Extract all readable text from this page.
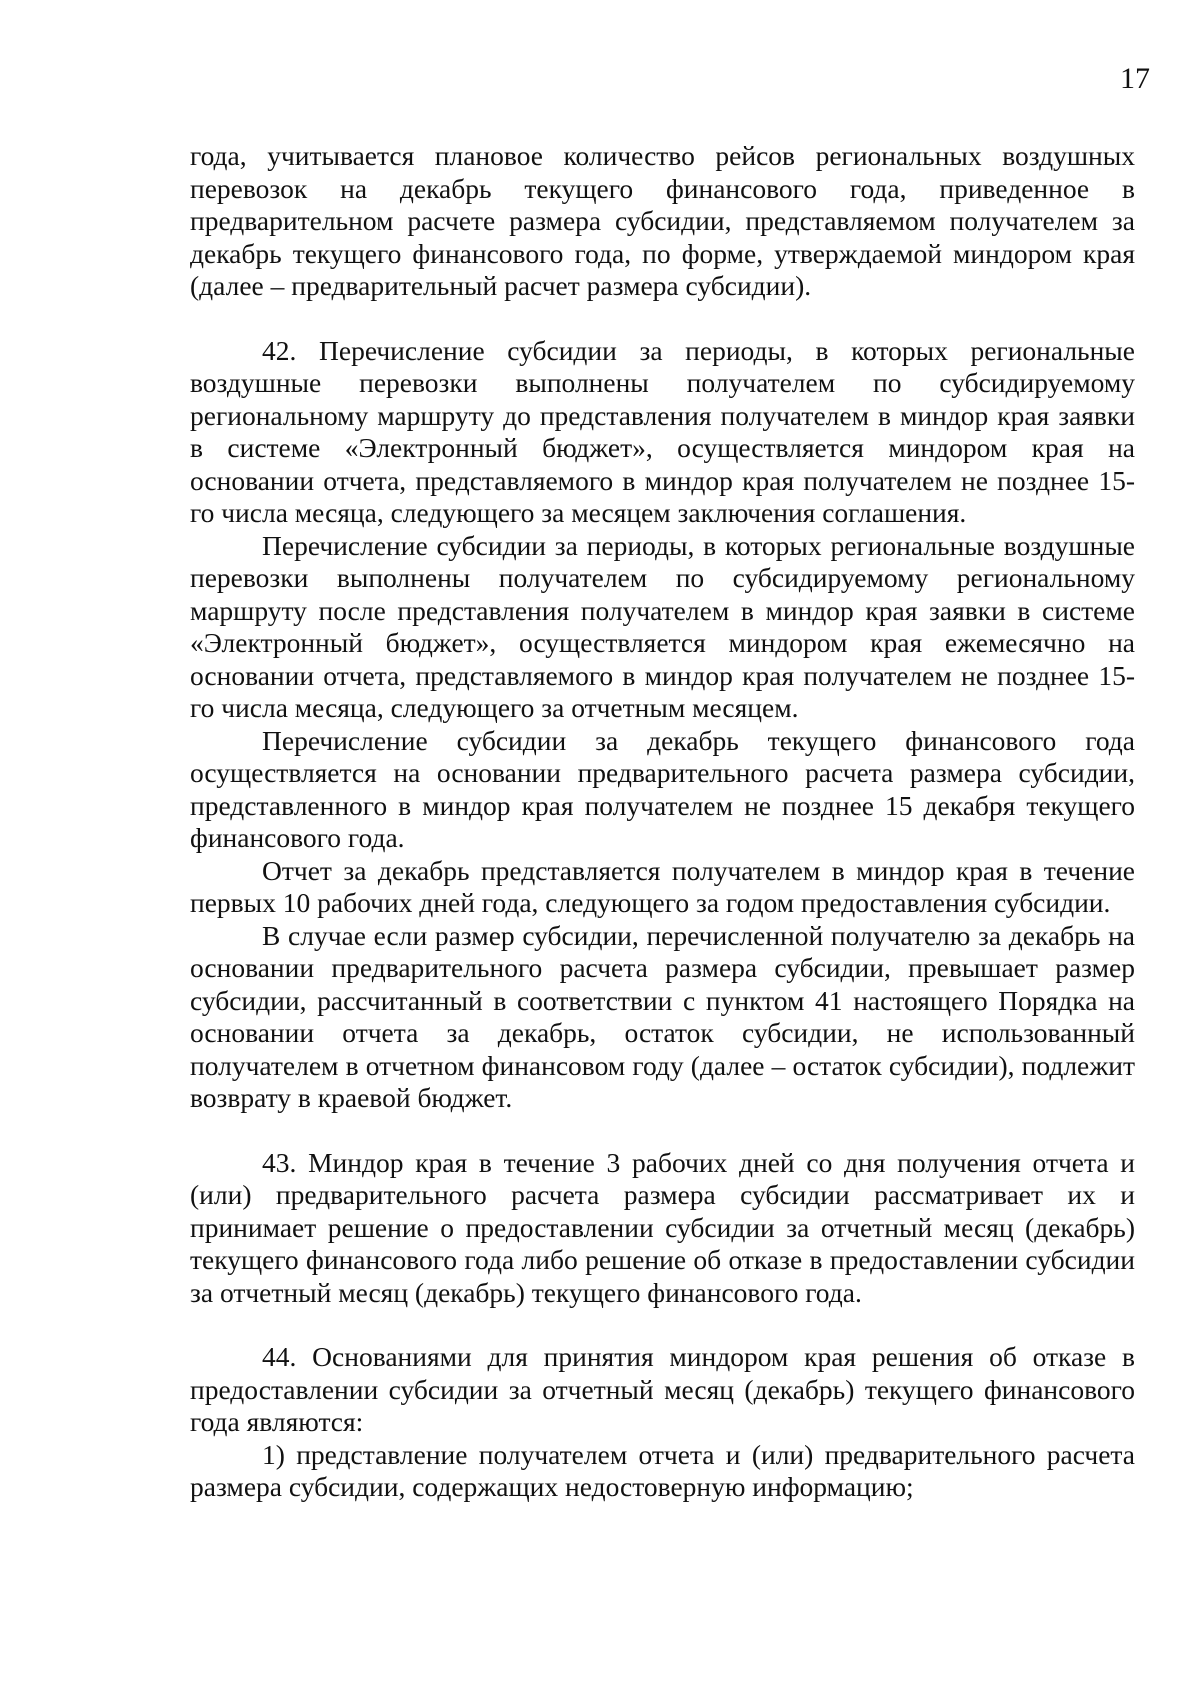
17

года, учитывается плановое количество рейсов региональных воздушных перевозок на декабрь текущего финансового года, приведенное в предварительном расчете размера субсидии, представляемом получателем за декабрь текущего финансового года, по форме, утверждаемой миндором края (далее – предварительный расчет размера субсидии).

42. Перечисление субсидии за периоды, в которых региональные воздушные перевозки выполнены получателем по субсидируемому региональному маршруту до представления получателем в миндор края заявки в системе «Электронный бюджет», осуществляется миндором края на основании отчета, представляемого в миндор края получателем не позднее 15-го числа месяца, следующего за месяцем заключения соглашения.

Перечисление субсидии за периоды, в которых региональные воздушные перевозки выполнены получателем по субсидируемому региональному маршруту после представления получателем в миндор края заявки в системе «Электронный бюджет», осуществляется миндором края ежемесячно на основании отчета, представляемого в миндор края получателем не позднее 15-го числа месяца, следующего за отчетным месяцем.

Перечисление субсидии за декабрь текущего финансового года осуществляется на основании предварительного расчета размера субсидии, представленного в миндор края получателем не позднее 15 декабря текущего финансового года.

Отчет за декабрь представляется получателем в миндор края в течение первых 10 рабочих дней года, следующего за годом предоставления субсидии.

В случае если размер субсидии, перечисленной получателю за декабрь на основании предварительного расчета размера субсидии, превышает размер субсидии, рассчитанный в соответствии с пунктом 41 настоящего Порядка на основании отчета за декабрь, остаток субсидии, не использованный получателем в отчетном финансовом году (далее – остаток субсидии), подлежит возврату в краевой бюджет.

43. Миндор края в течение 3 рабочих дней со дня получения отчета и (или) предварительного расчета размера субсидии рассматривает их и принимает решение о предоставлении субсидии за отчетный месяц (декабрь) текущего финансового года либо решение об отказе в предоставлении субсидии за отчетный месяц (декабрь) текущего финансового года.

44. Основаниями для принятия миндором края решения об отказе в предоставлении субсидии за отчетный месяц (декабрь) текущего финансового года являются:

1) представление получателем отчета и (или) предварительного расчета размера субсидии, содержащих недостоверную информацию;
